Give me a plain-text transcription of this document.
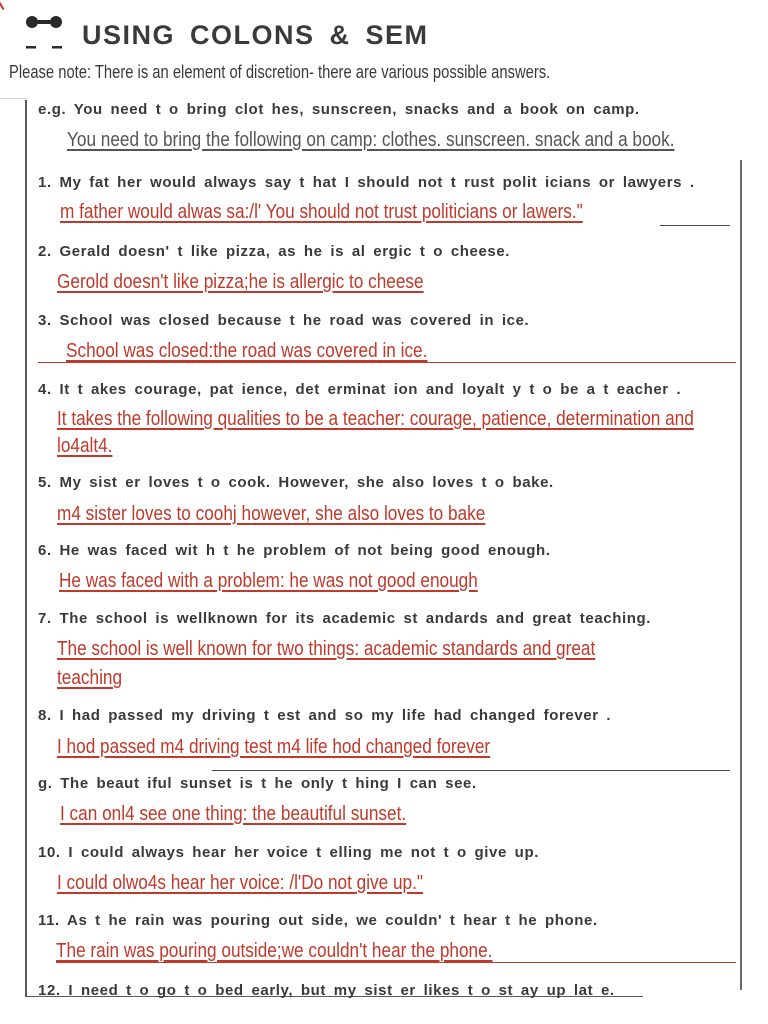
USING COLONS & SEM
Please note: There is an element of discretion- there are various possible answers.
e.g. You need t o bring clot hes, sunscreen, snacks and a book on camp.
You need to bring the following on camp: clothes. sunscreen. snack and a book.
1. My fat her would always say t hat I should not t rust polit icians or lawyers .
m father would alwas sa:/l' You should not trust politicians or lawers."
2. Gerald doesn' t like pizza, as he is al ergic t o cheese.
Gerold doesn't like pizza;he is allergic to cheese
3. School was closed because t he road was covered in ice.
School was closed:the road was covered in ice.
4. It t akes courage, pat ience, det erminat ion and loyalt y t o be a t eacher .
It takes the following qualities to be a teacher: courage, patience, determination and
lo4alt4.
5. My sist er loves t o cook. However, she also loves t o bake.
m4 sister loves to coohj however, she also loves to bake
6. He was faced wit h t he problem of not being good enough.
He was faced with a problem: he was not good enough
7. The school is wellknown for its academic st andards and great teaching.
The school is well known for two things: academic standards and great
teaching
8. I had passed my driving t est and so my life had changed forever .
I hod passed m4 driving test m4 life hod changed forever
g. The beaut iful sunset is t he only t hing I can see.
I can onl4 see one thing: the beautiful sunset.
10. I could always hear her voice t elling me not t o give up.
I could olwo4s hear her voice: /l'Do not give up."
11. As t he rain was pouring out side, we couldn' t hear t he phone.
The rain was pouring outside;we couldn't hear the phone.
12. I need t o go t o bed early, but my sist er likes t o st ay up lat e.
